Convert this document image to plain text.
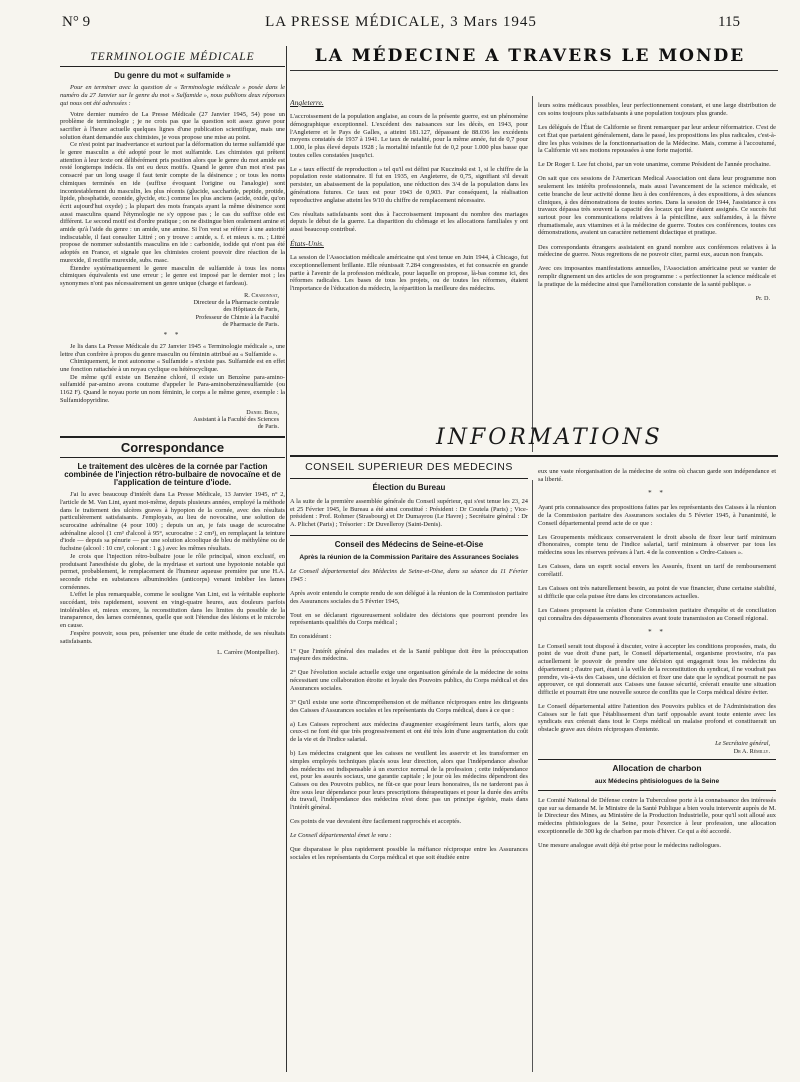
N° 9	LA PRESSE MÉDICALE, 3 Mars 1945	115
TERMINOLOGIE MÉDICALE
Du genre du mot « sulfamide »

Pour en terminer avec la question de « Terminologie médicale » posée dans le numéro du 27 Janvier sur le genre du mot « Sulfamide », nous publions deux réponses qui nous ont été adressées :

Votre dernier numéro de La Presse Médicale (27 Janvier 1945, 54) pose un problème de terminologie ; je ne crois pas que la question soit assez grave pour sacrifier à l'heure actuelle quelques lignes d'une publication scientifique, mais une solution étant demandée aux chimistes, je vous propose une mise au point.

Ce n'est point par inadvertance et surtout par la déformation du terme sulfamidé que le genre masculin a été adopté pour le mot sulfamide. Les chimistes qui prêtent attention à leur texte ont délibérément pris position alors que le genre du mot amide est resté longtemps indécis. Ils ont eu deux motifs. Quand le genre d'un mot n'est pas consacré par un long usage il faut tenir compte de la désinence ; or tous les noms chimiques terminés en ide (suffixe évoquant l'origine ou l'analogie) sont incontestablement du masculin, les plus récents (glucide, saccharide, peptide, protide, lipide, phosphatide, ozonide, glycide, etc.) comme les plus anciens (acide, oxide, qu'on écrit aujourd'hui oxyde) ; la plupart des mots français ayant la même désinence sont aussi masculins quand l'étymologie ne s'y oppose pas ; le cas du suffixe oïde est différent. Le second motif est d'ordre pratique ; on ne distingue bien oralement amine et amide qu'à l'aide du genre : un amide, une amine. Si l'on veut se référer à une autorité indiscutable, il faut consulter Littré ; on y trouve : amide, s. f. et mieux s. m. ; Littré propose de nommer substantifs masculins en ide : carbonide, iodide qui n'ont pas été adoptés en France, et signale que les chimistes croient pouvoir dire réaction de la murexide, il rectifie murexide, subs. masc.

Étendre systématiquement le genre masculin de sulfamide à tous les noms chimiques équivalents est une erreur ; le genre est imposé par le dernier mot ; les synonymes n'ont pas nécessairement un genre unique (charge et fardeau).

R. Charonnat,
Directeur de la Pharmacie centrale
des Hôpitaux de Paris,
Professeur de Chimie à la Faculté
de Pharmacie de Paris.
* *

Je lis dans La Presse Médicale du 27 Janvier 1945 « Terminologie médicale », une lettre d'un confrère à propos du genre masculin ou féminin attribué au « Sulfamide ».

Chimiquement, le mot autonome « Sulfamide » n'existe pas. Sulfamide est en effet une fonction rattachée à un noyau cyclique ou hétérocyclique.

De même qu'il existe un Benzène chloré, il existe un Benzène para-amino-sulfamidé par-amino avons coutume d'appeler le Para-aminobenzènesulfamide (ou 1162 F). Quand le noyau porte un nom féminin, le corps a le même genre, exemple : la Sulfamidopyridine.

Daniel Bruis,
Assistant à la Faculté des Sciences
de Paris.
Correspondance
Le traitement des ulcères de la cornée par l'action combinée de l'injection rétro-bulbaire de novocaïne et de l'application de teinture d'iode.

J'ai lu avec beaucoup d'intérêt dans La Presse Médicale, 13 Janvier 1945, n° 2, l'article de M. Van Lint, ayant moi-même, depuis plusieurs années, employé la méthode dans le traitement des ulcères graves à hypopion de la cornée, avec des résultats particulièrement satisfaisants. J'employais, au lieu de novocaïne, une solution de scurocaïne adrénaline (4 pour 100) ; depuis un an, je fais usage de scurocaïne adrénaline alcool (1 cm³ d'alcool à 95°, scurocaïne : 2 cm³), en remplaçant la teinture d'iode — depuis sa pénurie — par une solution alcoolique de bleu de méthylène ou de fuchsine (alcool : 10 cm³, colorant : 1 g.) avec les mêmes résultats.

Je crois que l'injection rétro-bulbaire joue le rôle principal, sinon exclusif, en produisant l'anesthésie du globe, de la mydriase et surtout une hypotonie notable qui permet, probablement, le remplacement de l'humeur aqueuse première par une H.A. seconde riche en substances albuminoïdes (anticorps) venant imbiber les lames cornéennes.

L'effet le plus remarquable, comme le souligne Van Lint, est la véritable euphorie succédant, très rapidement, souvent en vingt-quatre heures, aux douleurs parfois intolérables et, mieux encore, la reconstitution dans les limites du possible de la transparence, des lames cornéennes, quelle que soit l'étendue des lésions et le microbe en cause.

J'espère pouvoir, sous peu, présenter une étude de cette méthode, de ses résultats satisfaisants.

L. Carrère (Montpellier).
LA MÉDECINE A TRAVERS LE MONDE
Angleterre.

L'accroissement de la population anglaise, au cours de la présente guerre, est un phénomène démographique exceptionnel. L'excédent des naissances sur les décès, en 1943, pour l'Angleterre et le Pays de Galles, a atteint 181.127, dépassant de 88.036 les excédents moyens constatés de 1937 à 1941. Le taux de natalité, pour la même année, fut de 0,7 pour 1.000, le plus élevé depuis 1928 ; la mortalité infantile fut de 0,2 pour 1.000 plus basse que toutes celles constatées jusqu'ici.

Le « taux effectif de reproduction » tel qu'il est défini par Kuczinski est 1, si le chiffre de la population reste stationnaire. Il fut en 1935, en Angleterre, de 0,75, signifiant s'il devait persister, un abaissement de la population, une réduction des 3/4 de la population dans les générations futures. Ce taux est pour 1943 de 0,903. Par conséquent, la réalisation reproductive anglaise atteint les 9/10 du chiffre de remplacement nécessaire.

Ces résultats satisfaisants sont dus à l'accroissement imposant du nombre des mariages depuis le début de la guerre. La disparition du chômage et les allocations familiales y ont aussi beaucoup contribué.

États-Unis.

La session de l'Association médicale américaine qui s'est tenue en Juin 1944, à Chicago, fut exceptionnellement brillante. Elle réunissait 7.284 congressistes, et fut consacrée en grande partie à l'avenir de la profession médicale, pour laquelle on propose, là-bas comme ici, des réformes radicales. Les bases de tous les projets, ou de toutes les réformes, étaient l'importance de l'éducation du médecin, la répartition la meilleure des médecins.

leurs soins médicaux possibles, leur perfectionnement constant, et une large distribution de ces soins toujours plus satisfaisants à une population toujours plus grande.

Les délégués de l'État de Californie se firent remarquer par leur ardeur réformatrice. C'est de cet État que partaient généralement, dans le passé, les propositions les plus radicales, c'est-à-dire les plus voisines de la fonctionnarisation de la Médecine. Mais, comme à l'accoutumé, la Californie vit ses motions repoussées à une forte majorité.

Le Dr Roger I. Lee fut choisi, par un vote unanime, comme Président de l'année prochaine.

On sait que ces sessions de l'American Medical Association ont dans leur programme non seulement les intérêts professionnels, mais aussi l'avancement de la science médicale, et cette branche de leur activité donne lieu à des conférences, à des expositions, à des séances cliniques, à des démonstrations de toutes sortes. Dans la session de 1944, l'assistance à ces travaux dépassa très souvent la capacité des locaux qui leur étaient assignés. Ce succès fut surtout pour les communications relatives à la pénicilline, aux sulfamides, à la fièvre rhumatismale, aux vitamines et à la médecine de guerre. Toutes ces conférences, toutes ces démonstrations, avaient un caractère nettement didactique et pratique.

Des correspondants étrangers assistaient en grand nombre aux conférences relatives à la médecine de guerre. Nous regrettons de ne pouvoir citer, parmi eux, aucun non français.

Avec ces imposantes manifestations annuelles, l'Association américaine peut se vanter de remplir dignement un des articles de son programme : « perfectionner la science médicale et la pratique de la médecine ainsi que l'amélioration constante de la santé publique. »

Pr. D.
INFORMATIONS
CONSEIL SUPÉRIEUR DES MÉDECINS
Élection du Bureau

A la suite de la première assemblée générale du Conseil supérieur, qui s'est tenue les 23, 24 et 25 Février 1945, le Bureau a été ainsi constitué : Président : Dr Coutela (Paris) ; Vice-président : Prof. Rohmer (Strasbourg) et Dr Dumayrou (Le Havre) ; Secrétaire général : Dr A. Plichet (Paris) ; Trésorier : Dr Duvelleroy (Saint-Denis).

Conseil des Médecins de Seine-et-Oise
Après la réunion de la Commission Paritaire des Assurances Sociales

Le Conseil départemental des Médecins de Seine-et-Oise, dans sa séance du 11 Février 1945 :

Après avoir entendu le compte rendu de son délégué à la réunion de la Commission paritaire des Assurances sociales du 5 Février 1945,

Tout en se déclarant rigoureusement solidaire des décisions que pourront prendre les représentants qualifiés du Corps médical ;

En considérant :

1° Que l'intérêt général des malades et de la Santé publique doit être la préoccupation majeure des médecins.

2° Que l'évolution sociale actuelle exige une organisation générale de la médecine de soins nécessitant une collaboration étroite et loyale des Pouvoirs publics, du Corps médical et des Assurances sociales.

3° Qu'il existe une sorte d'incompréhension et de méfiance réciproques entre les dirigeants des Caisses d'Assurances sociales et les représentants du Corps médical, dues à ce que :

a) Les Caisses reprochent aux médecins d'augmenter exagérément leurs tarifs, alors que ceux-ci ne font été que très progressivement et ont été très loin d'une augmentation du coût de la vie et de l'indice salarial.

b) Les médecins craignent que les caisses ne veuillent les asservir et les transformer en simples employés techniques placés sous leur direction, alors que l'indépendance absolue des médecins est indispensable à un exercice normal de la profession ; cette indépendance est, pour les assurés sociaux, une garantie capitale ; le jour où les médecins dépendront des Caisses ou des Pouvoirs publics, ne fût-ce que pour leurs honoraires, ils ne tarderont pas à être sous leur dépendance pour leurs prescriptions thérapeutiques et pour la durée des arrêts du travail, l'indépendance des médecins n'est donc pas un principe égoïste, mais dans l'intérêt général.

Ces points de vue devraient être facilement rapprochés et acceptés.

Le Conseil départemental émet le vœu :

Que disparaisse le plus rapidement possible la méfiance réciproque entre les Assurances sociales et les représentants du Corps médical et que soit étudiée entre

eux une vaste réorganisation de la médecine de soins où chacun garde son indépendance et sa liberté.

* *

Ayant pris connaissance des propositions faites par les représentants des Caisses à la réunion de la Commission paritaire des Assurances sociales du 5 Février 1945, à l'unanimité, le Conseil départemental prend acte de ce que :

Les Groupements médicaux conserveraient le droit absolu de fixer leur tarif minimum d'honoraires, compte tenu de l'indice salarial, tarif minimum à observer par tous les médecins sous les réserves prévues à l'art. 4 de la convention « Ordre-Caisses ».

Les Caisses, dans un esprit social envers les Assurés, fixent un tarif de remboursement corrélatif.

Les Caisses ont très naturellement besoin, au point de vue financier, d'une certaine stabilité, si difficile que cela puisse être dans les circonstances actuelles.

Les Caisses proposent la création d'une Commission paritaire d'enquête et de conciliation qui connaîtra des dépassements d'honoraires avant toute transmission au Conseil régional.

* *

Le Conseil serait tout disposé à discuter, voire à accepter les conditions proposées, mais, du point de vue droit d'une part, le Conseil départemental, organisme provisoire, n'a pas actuellement le pouvoir de prendre une décision qui engagerait tous les médecins du département ; d'autre part, étant à la veille de la reconstitution du syndicat, il ne voudrait pas prendre, vis-à-vis des Caisses, une décision et fixer une date que le syndicat pourrait ne pas approuver, ce qui donnerait aux Caisses une fausse sécurité, créerait ensuite une situation difficile et pourrait être une nouvelle source de conflits que le Corps médical désire éviter.

Le Conseil départemental attire l'attention des Pouvoirs publics et de l'Administration des Caisses sur le fait que l'établissement d'un tarif opposable avant toute entente avec les syndicats eux créerait dans tout le Corps médical un malaise profond et constituerait un obstacle grave aux désirs réciproques d'entente.

Le Secrétaire général,
Dr A. Rémilly.
Allocation de charbon
aux Médecins phtisiologues de la Seine

Le Comité National de Défense contre la Tuberculose porte à la connaissance des intéressés que sur sa demande M. le Ministre de la Santé Publique a bien voulu intervenir auprès de M. le Directeur des Mines, au Ministère de la Production Industrielle, pour qu'il soit alloué aux médecins phtisiologues de la Seine, pour l'exercice à leur profession, une allocation exceptionnelle de 300 kg de charbon par mois d'hiver. Ce qui a été accordé.

Une mesure analogue avait déjà été prise pour le médecins radiologues.
